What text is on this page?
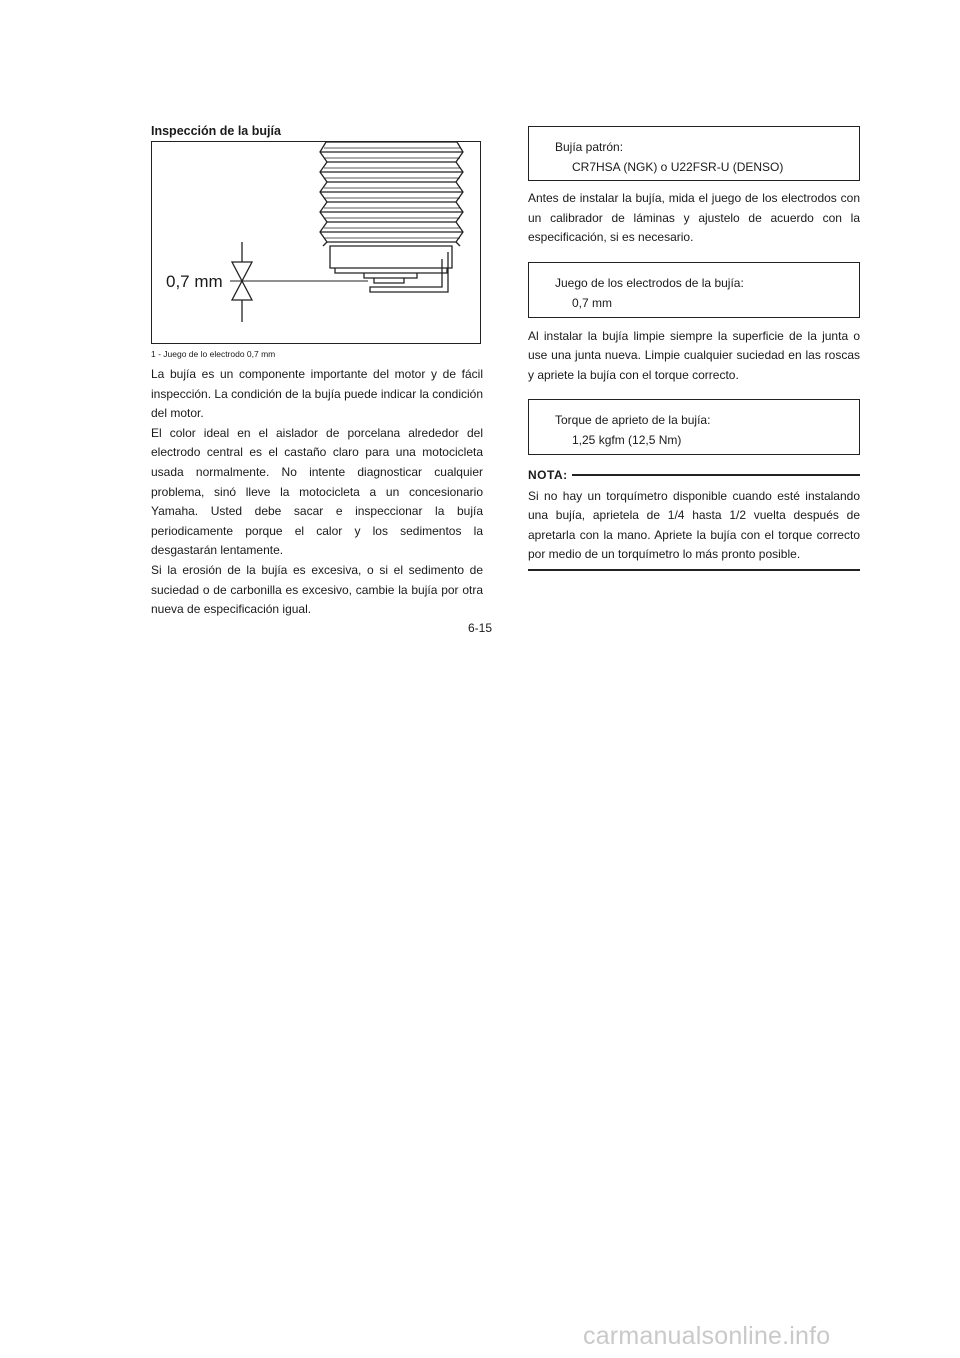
Inspección de la bujía
0,7 mm
1 - Juego de lo electrodo 0,7 mm

La bujía es un componente importante del motor y de fácil inspección. La condición de la bujía puede indicar la condición del motor.
El color ideal en el aislador de porcelana alrededor del electrodo central es el castaño claro para una motocicleta usada normalmente. No intente diagnosticar cualquier problema, sinó lleve la motocicleta a un concesionario Yamaha. Usted debe sacar e inspeccionar la bujía periodicamente porque el calor y los sedimentos la desgastarán lentamente.
Si la erosión de la bujía es excesiva, o si el sedimento de suciedad o de carbonilla es excesivo, cambie la bujía por otra nueva de especificación igual.

Bujía patrón:
CR7HSA (NGK) o U22FSR-U (DENSO)

Antes de instalar la bujía, mida el juego de los electrodos con un calibrador de láminas y ajustelo de acuerdo con la especificación, si es necesario.

Juego de los electrodos de la bujía:
0,7 mm

Al instalar la bujía limpie siempre la superficie de la junta o use una junta nueva. Limpie cualquier suciedad en las roscas y apriete la bujía con el torque correcto.

Torque de aprieto de la bujía:
1,25 kgfm (12,5 Nm)
NOTA:

Si no hay un torquímetro disponible cuando esté instalando una bujía, aprietela de 1/4 hasta 1/2 vuelta después de apretarla con la mano. Apriete la bujía con el torque correcto por medio de un torquímetro lo más pronto posible.

6-15
carmanualsonline.info
